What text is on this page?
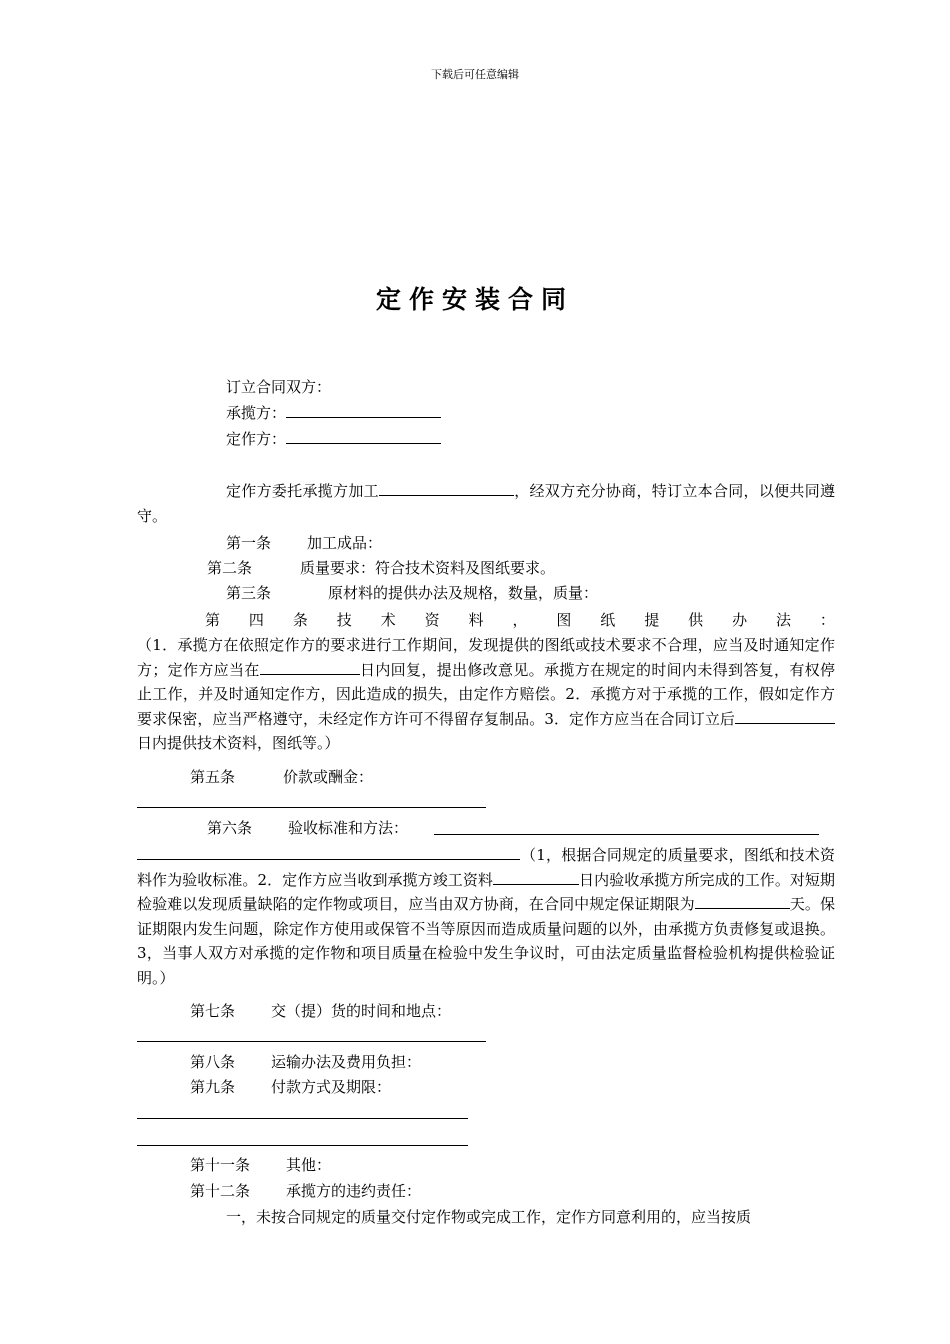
下载后可任意编辑
定作安装合同
订立合同双方：
承揽方：
定作方：
定作方委托承揽方加工	，经双方充分协商，特订立本合同，以便共同遵守。
第一条 加工成品：
第二条	质量要求：符合技术资料及图纸要求。
第三条	原材料的提供办法及规格，数量，质量：
第 四 条 技 术 资 料 ， 图 纸 提 供 办 法 ：
（1．承揽方在依照定作方的要求进行工作期间，发现提供的图纸或技术要求不合理，应当及时通知定作方；定作方应当在	日内回复，提出修改意见。承揽方在规定的时间内未得到答复，有权停止工作，并及时通知定作方，因此造成的损失，由定作方赔偿。2．承揽方对于承揽的工作，假如定作方要求保密，应当严格遵守，未经定作方许可不得留存复制品。3．定作方应当在合同订立后日内提供技术资料，图纸等。）
第五条	价款或酬金：
第六条 验收标准和方法：
（1，根据合同规定的质量要求，图纸和技术资料作为验收标准。2．定作方应当收到承揽方竣工资料	日内验收承揽方所完成的工作。对短期检验难以发现质量缺陷的定作物或项目，应当由双方协商，在合同中规定保证期限为	天。保证期限内发生问题，除定作方使用或保管不当等原因而造成质量问题的以外，由承揽方负责修复或退换。3，当事人双方对承揽的定作物和项目质量在检验中发生争议时，可由法定质量监督检验机构提供检验证明。）
第七条 交（提）货的时间和地点：
第八条 运输办法及费用负担：
第九条 付款方式及期限：
第十一条 其他：
第十二条 承揽方的违约责任：
一，未按合同规定的质量交付定作物或完成工作，定作方同意利用的，应当按质
